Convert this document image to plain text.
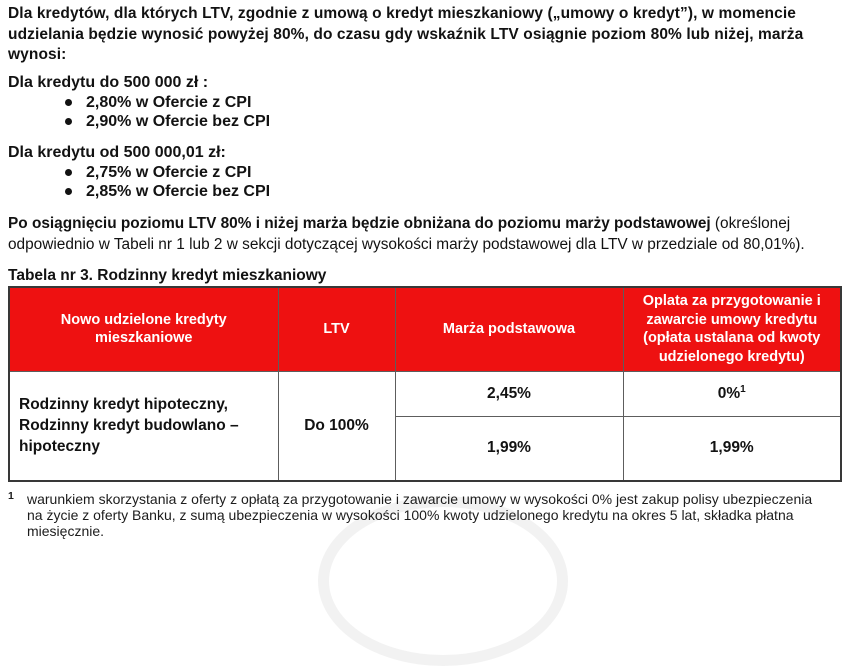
Dla kredytów, dla których LTV, zgodnie z umową o kredyt mieszkaniowy („umowy o kredyt”), w momencie udzielania będzie wynosić powyżej 80%, do czasu gdy wskaźnik LTV osiągnie poziom 80% lub niżej, marża wynosi:

Dla kredytu do 500 000 zł :

2,80% w Ofercie z CPI
2,90% w Ofercie bez CPI

Dla kredytu od 500 000,01 zł:

2,75% w Ofercie z CPI
2,85% w Ofercie bez CPI

Po osiągnięciu poziomu LTV 80% i niżej marża będzie obniżana do poziomu marży podstawowej (określonej odpowiednio w Tabeli nr 1 lub 2 w sekcji dotyczącej wysokości marży podstawowej dla LTV w przedziale od 80,01%).

Tabela nr 3. Rodzinny kredyt mieszkaniowy

Nowo udzielone kredyty mieszkaniowe	LTV	Marża podstawowa	Oplata za przygotowanie i zawarcie umowy kredytu (opłata ustalana od kwoty udzielonego kredytu)
Rodzinny kredyt hipoteczny, Rodzinny kredyt budowlano – hipoteczny	Do 100%	2,45%	0%$^1$
		1,99%	1,99%

1 warunkiem skorzystania z oferty z opłatą za przygotowanie i zawarcie umowy w wysokości 0% jest zakup polisy ubezpieczenia na życie z oferty Banku, z sumą ubezpieczenia w wysokości 100% kwoty udzielonego kredytu na okres 5 lat, składka płatna miesięcznie.
